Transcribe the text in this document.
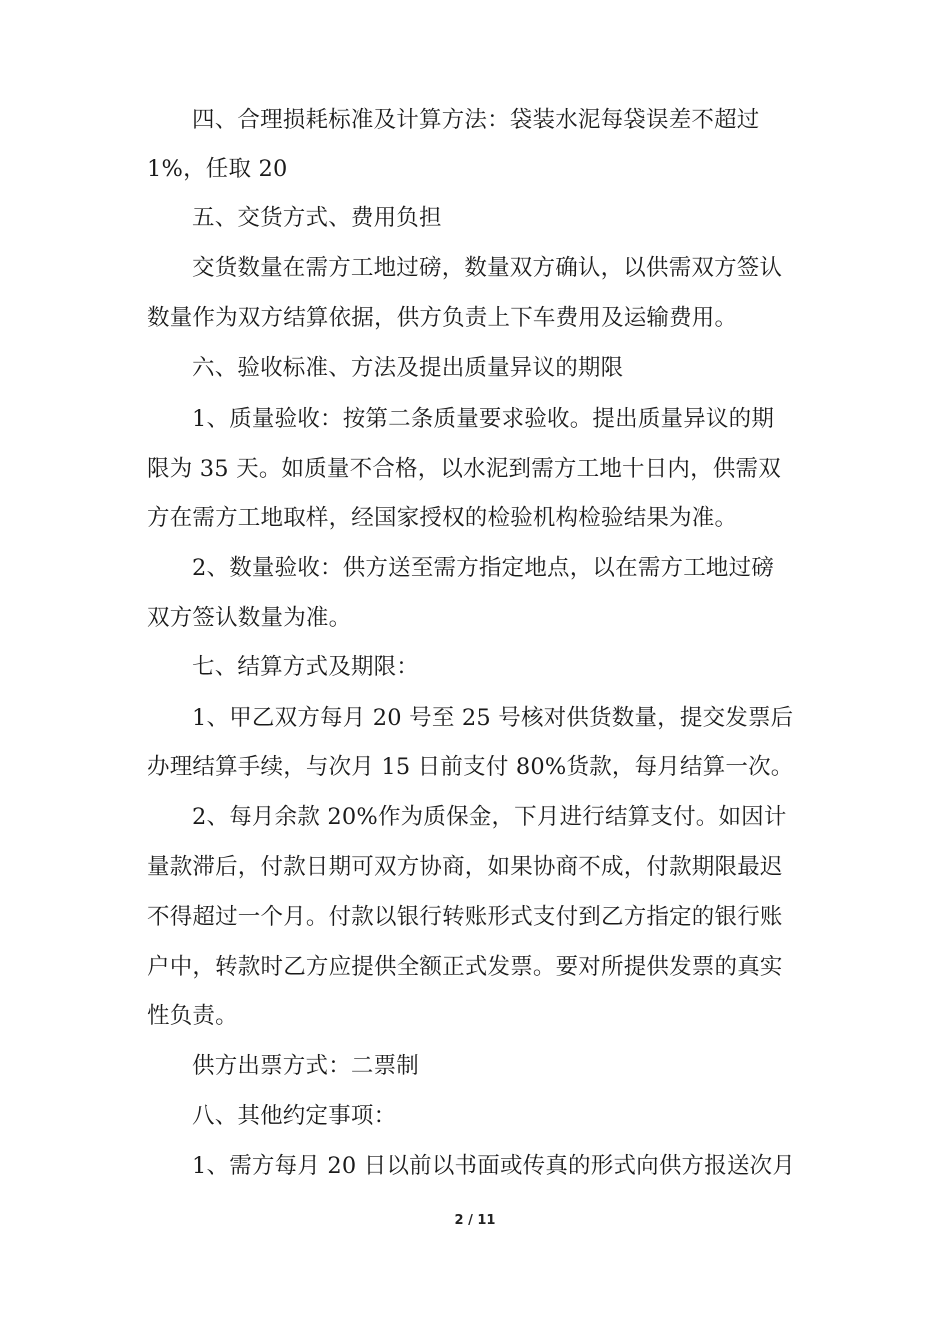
四、合理损耗标准及计算方法：袋装水泥每袋误差不超过
1%，任取 20
五、交货方式、费用负担
交货数量在需方工地过磅，数量双方确认，以供需双方签认
数量作为双方结算依据，供方负责上下车费用及运输费用。
六、验收标准、方法及提出质量异议的期限
1、质量验收：按第二条质量要求验收。提出质量异议的期
限为 35 天。如质量不合格，以水泥到需方工地十日内，供需双
方在需方工地取样，经国家授权的检验机构检验结果为准。
2、数量验收：供方送至需方指定地点，以在需方工地过磅
双方签认数量为准。
七、结算方式及期限：
1、甲乙双方每月 20 号至 25 号核对供货数量，提交发票后
办理结算手续，与次月 15 日前支付 80%货款，每月结算一次。
2、每月余款 20%作为质保金，下月进行结算支付。如因计
量款滞后，付款日期可双方协商，如果协商不成，付款期限最迟
不得超过一个月。付款以银行转账形式支付到乙方指定的银行账
户中，转款时乙方应提供全额正式发票。要对所提供发票的真实
性负责。
供方出票方式：二票制
八、其他约定事项：
1、需方每月 20 日以前以书面或传真的形式向供方报送次月
2 / 11
